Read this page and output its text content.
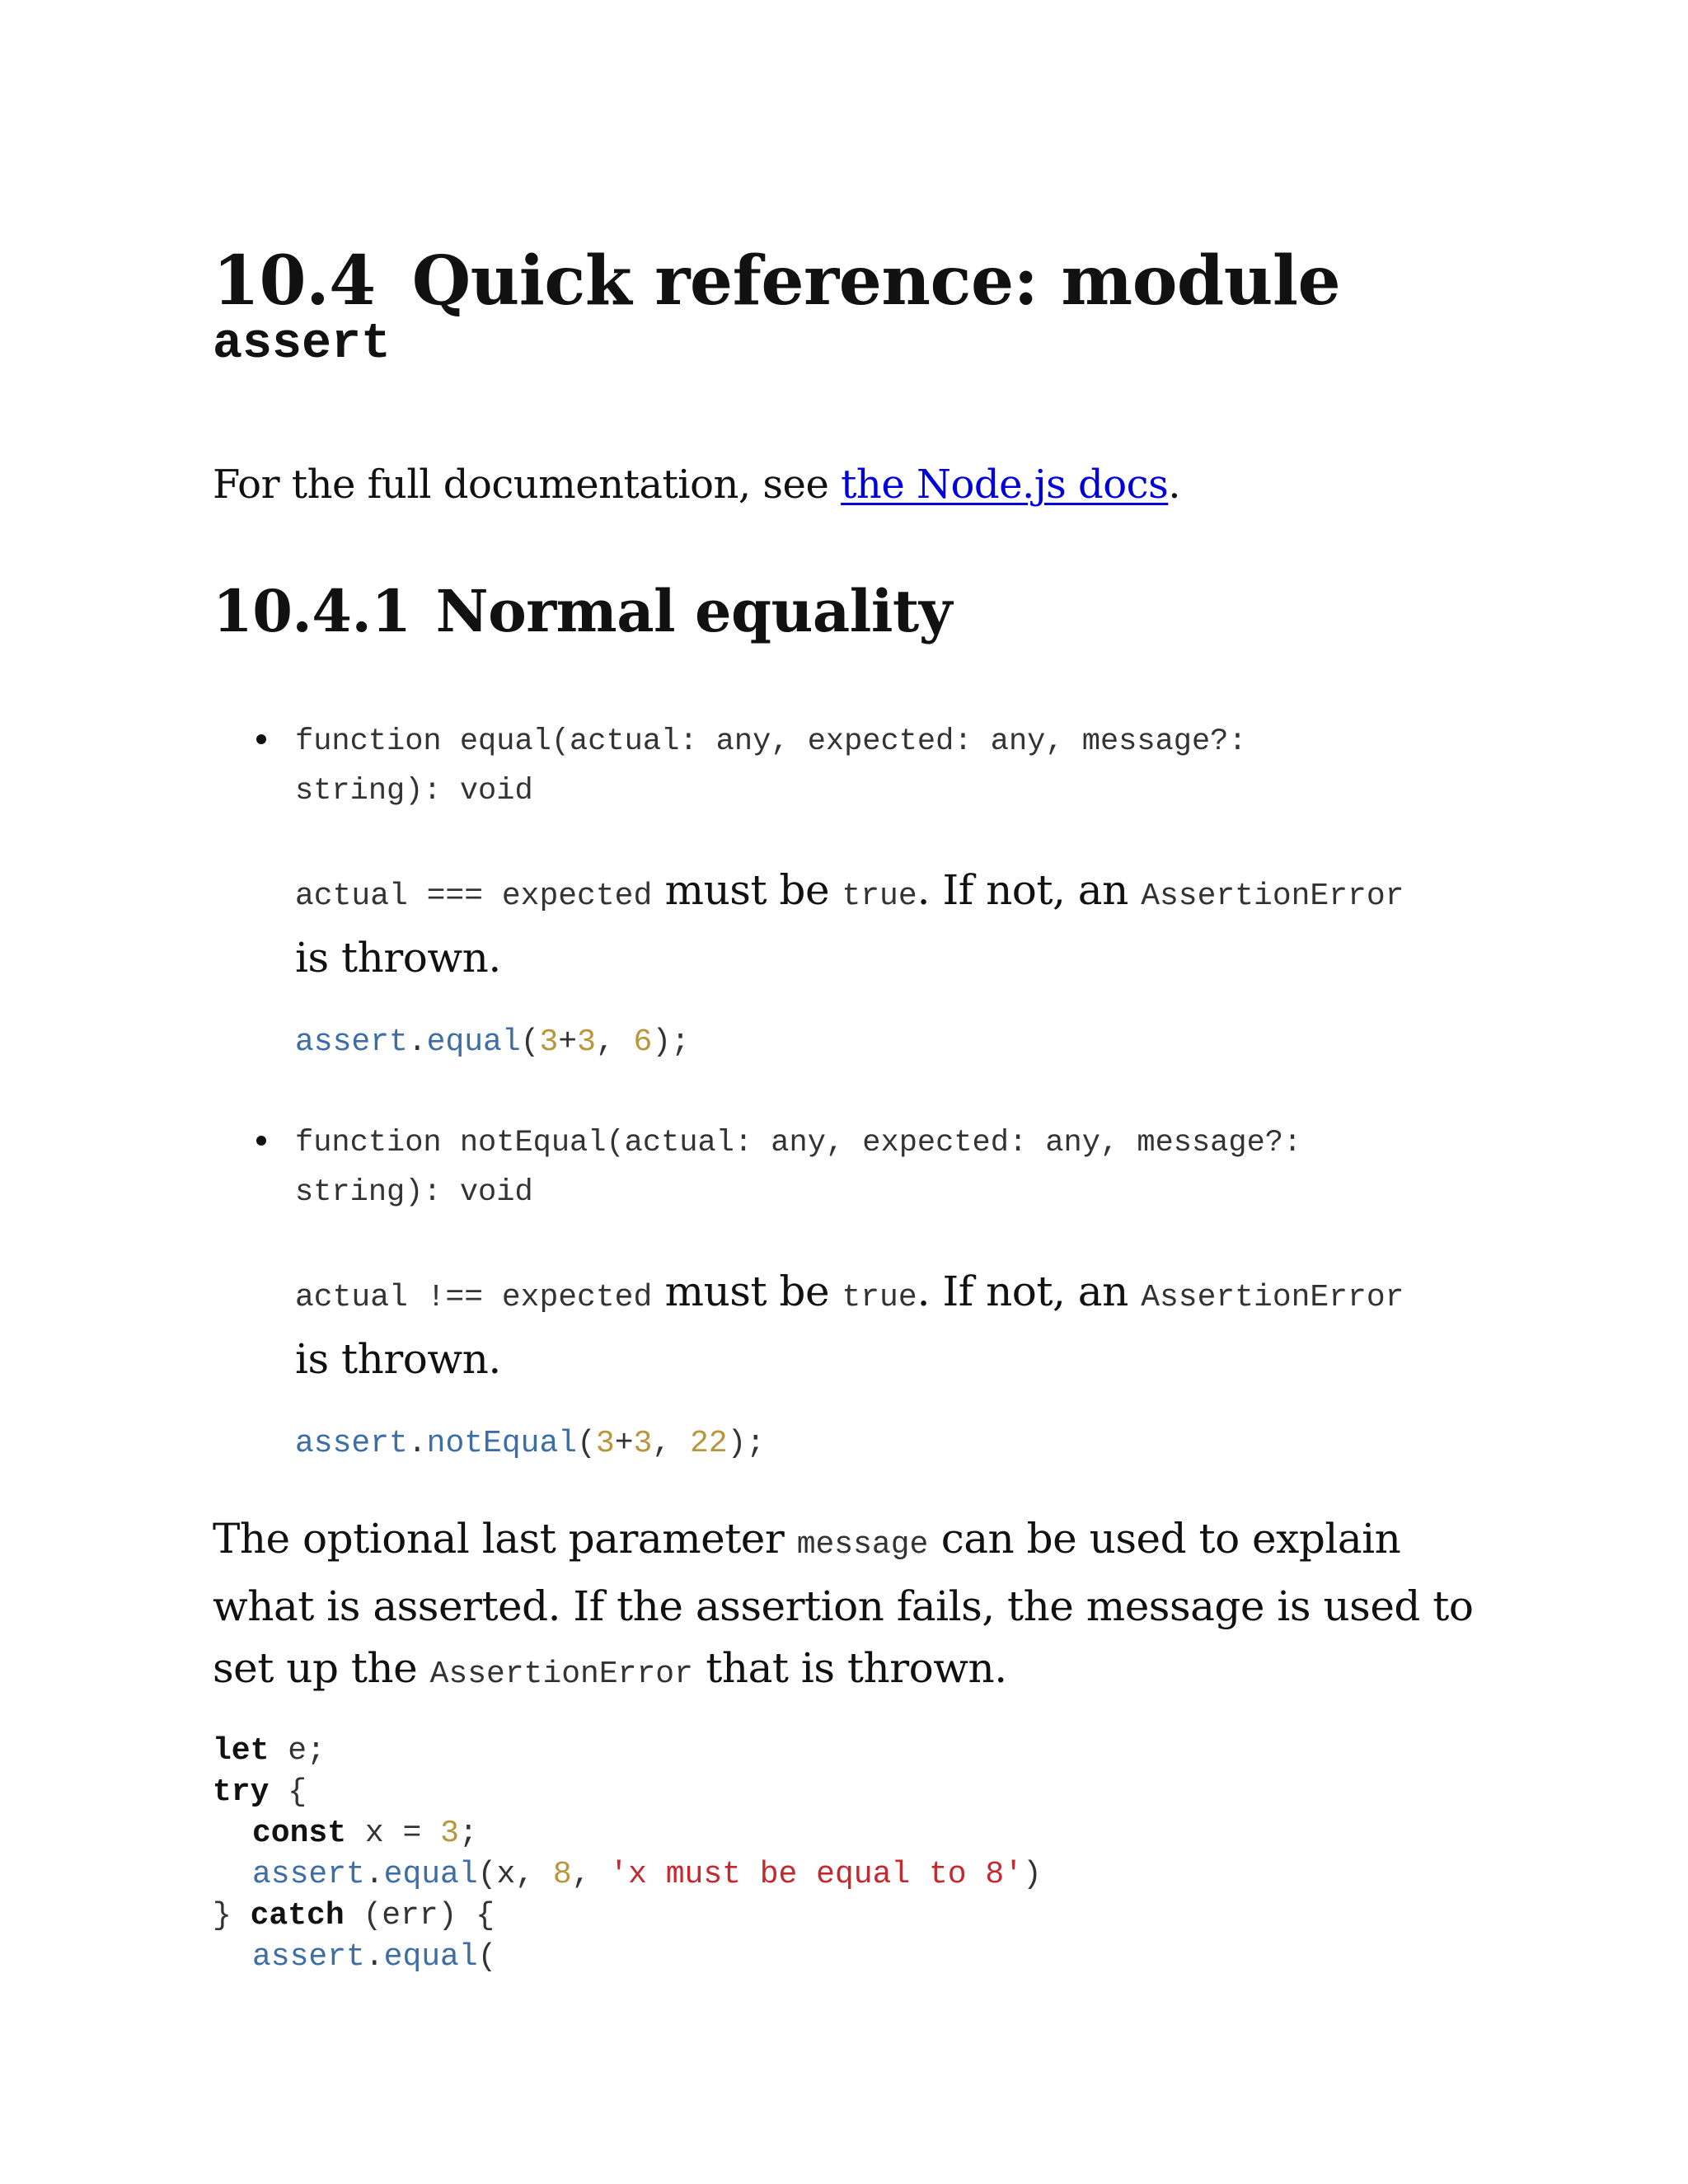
10.4 Quick reference: module
assert

For the full documentation, see the Node.js docs.

10.4.1 Normal equality

function equal(actual: any, expected: any, message?:
string): void

actual === expected must be true. If not, an AssertionError is thrown.

assert.equal(3+3, 6);

function notEqual(actual: any, expected: any, message?:
string): void

actual !== expected must be true. If not, an AssertionError is thrown.

assert.notEqual(3+3, 22);

The optional last parameter message can be used to explain what is asserted. If the assertion fails, the message is used to set up the AssertionError that is thrown.

let e;
try {
const x = 3;
assert.equal(x, 8, 'x must be equal to 8')
} catch (err) {
assert.equal(
